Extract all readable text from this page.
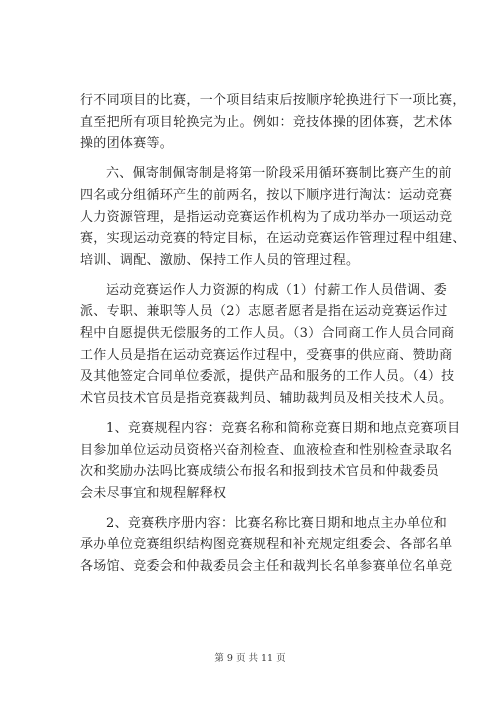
行不同项目的比赛，一个项目结束后按顺序轮换进行下一项比赛，
直至把所有项目轮换完为止。例如：竞技体操的团体赛，艺术体
操的团体赛等。

六、佩寄制佩寄制是将第一阶段采用循环赛制比赛产生的前
四名或分组循环产生的前两名，按以下顺序进行淘汰：运动竞赛
人力资源管理，是指运动竞赛运作机构为了成功举办一项运动竞
赛，实现运动竞赛的特定目标，在运动竞赛运作管理过程中组建、
培训、调配、激励、保持工作人员的管理过程。

运动竞赛运作人力资源的构成（1）付薪工作人员借调、委
派、专职、兼职等人员（2）志愿者愿者是指在运动竞赛运作过
程中自愿提供无偿服务的工作人员。（3）合同商工作人员合同商
工作人员是指在运动竞赛运作过程中，受赛事的供应商、赞助商
及其他签定合同单位委派，提供产品和服务的工作人员。（4）技
术官员技术官员是指竞赛裁判员、辅助裁判员及相关技术人员。

1、竞赛规程内容：竞赛名称和简称竞赛日期和地点竞赛项目
目参加单位运动员资格兴奋剂检查、血液检查和性别检查录取名
次和奖励办法吗比赛成绩公布报名和报到技术官员和仲裁委员
会未尽事宜和规程解释权

2、竞赛秩序册内容：比赛名称比赛日期和地点主办单位和
承办单位竞赛组织结构图竞赛规程和补充规定组委会、各部名单
各场馆、竞委会和仲裁委员会主任和裁判长名单参赛单位名单竞

第 9 页 共 11 页
